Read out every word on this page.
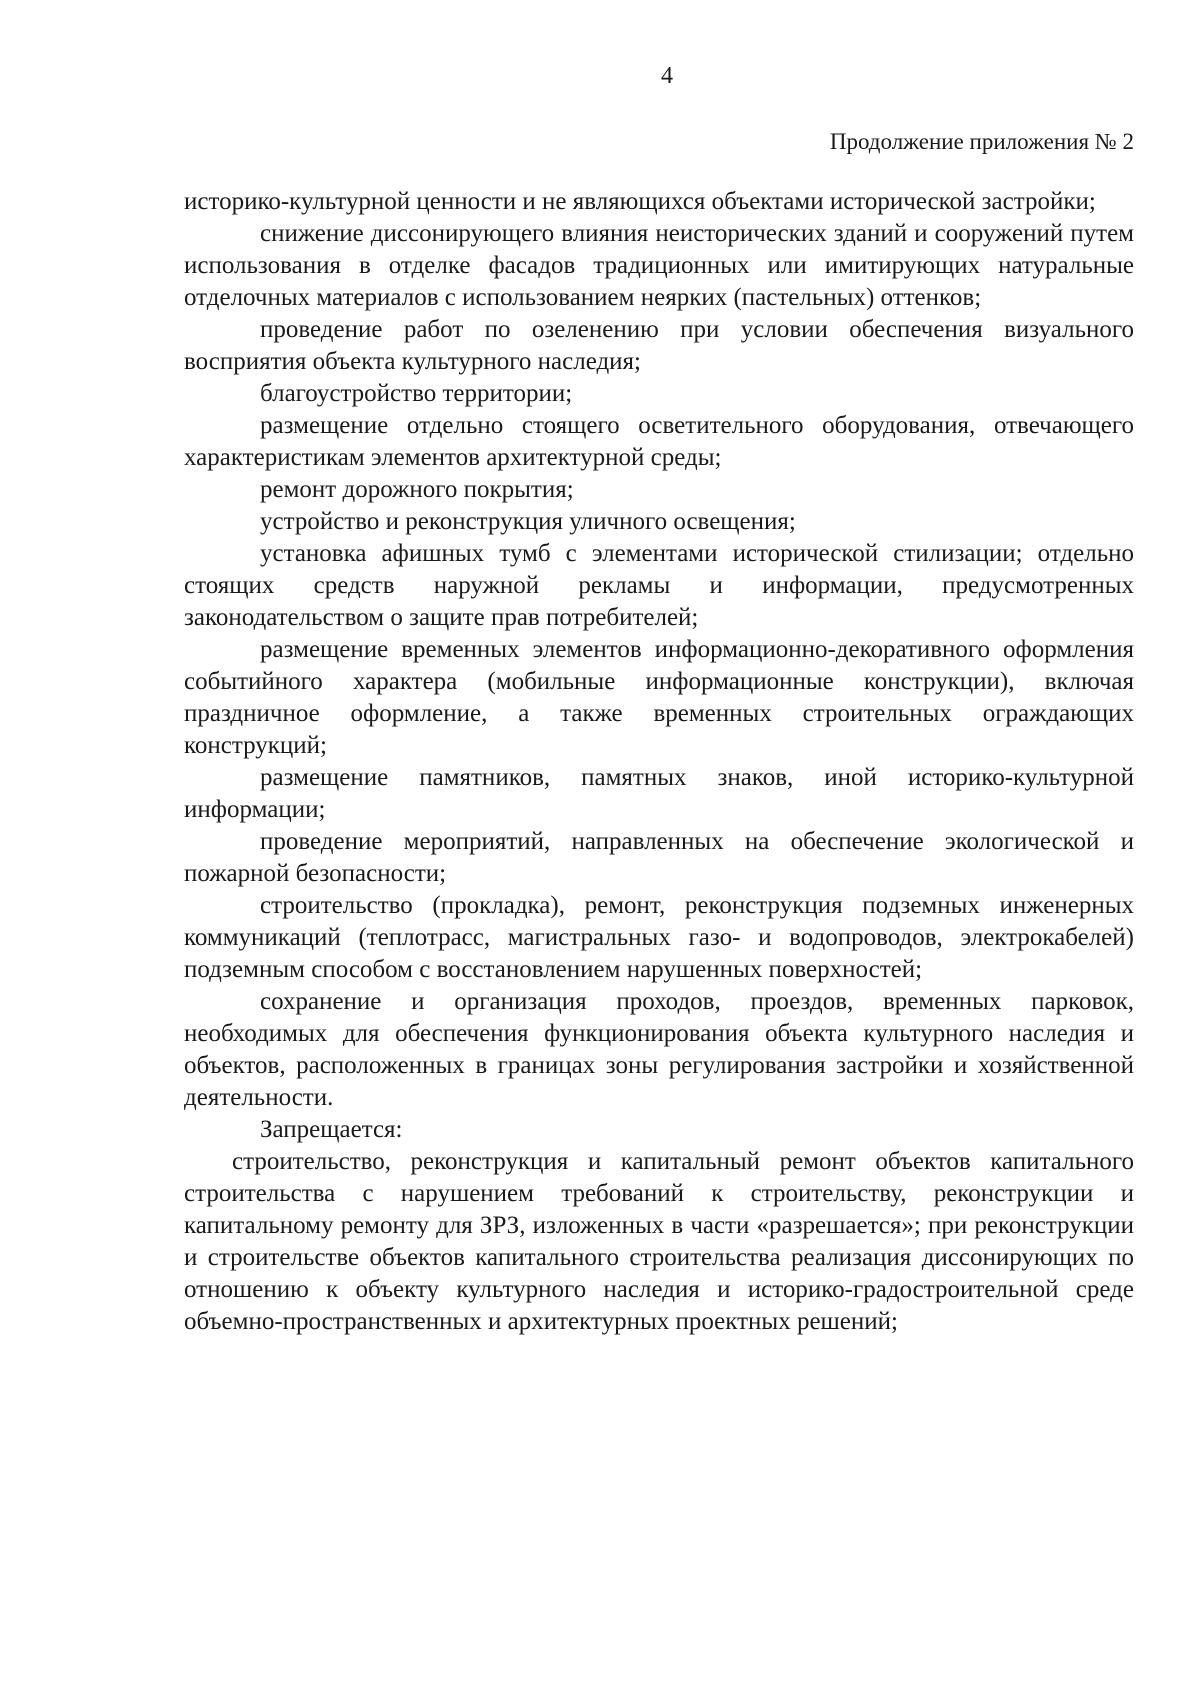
4
Продолжение приложения № 2

историко-культурной ценности и не являющихся объектами исторической застройки;

снижение диссонирующего влияния неисторических зданий и сооружений путем использования в отделке фасадов традиционных или имитирующих натуральные отделочных материалов с использованием неярких (пастельных) оттенков;

проведение работ по озеленению при условии обеспечения визуального восприятия объекта культурного наследия;

благоустройство территории;

размещение отдельно стоящего осветительного оборудования, отвечающего характеристикам элементов архитектурной среды;

ремонт дорожного покрытия;

устройство и реконструкция уличного освещения;

установка афишных тумб с элементами исторической стилизации; отдельно стоящих средств наружной рекламы и информации, предусмотренных законодательством о защите прав потребителей;

размещение временных элементов информационно-декоративного оформления событийного характера (мобильные информационные конструкции), включая праздничное оформление, а также временных строительных ограждающих конструкций;

размещение памятников, памятных знаков, иной историко-культурной информации;

проведение мероприятий, направленных на обеспечение экологической и пожарной безопасности;

строительство (прокладка), ремонт, реконструкция подземных инженерных коммуникаций (теплотрасс, магистральных газо- и водопроводов, электрокабелей) подземным способом с восстановлением нарушенных поверхностей;

сохранение и организация проходов, проездов, временных парковок, необходимых для обеспечения функционирования объекта культурного наследия и объектов, расположенных в границах зоны регулирования застройки и хозяйственной деятельности.

Запрещается:

строительство, реконструкция и капитальный ремонт объектов капитального строительства с нарушением требований к строительству, реконструкции и капитальному ремонту для ЗРЗ, изложенных в части «разрешается»; при реконструкции и строительстве объектов капитального строительства реализация диссонирующих по отношению к объекту культурного наследия и историко-градостроительной среде объемно-пространственных и архитектурных проектных решений;
